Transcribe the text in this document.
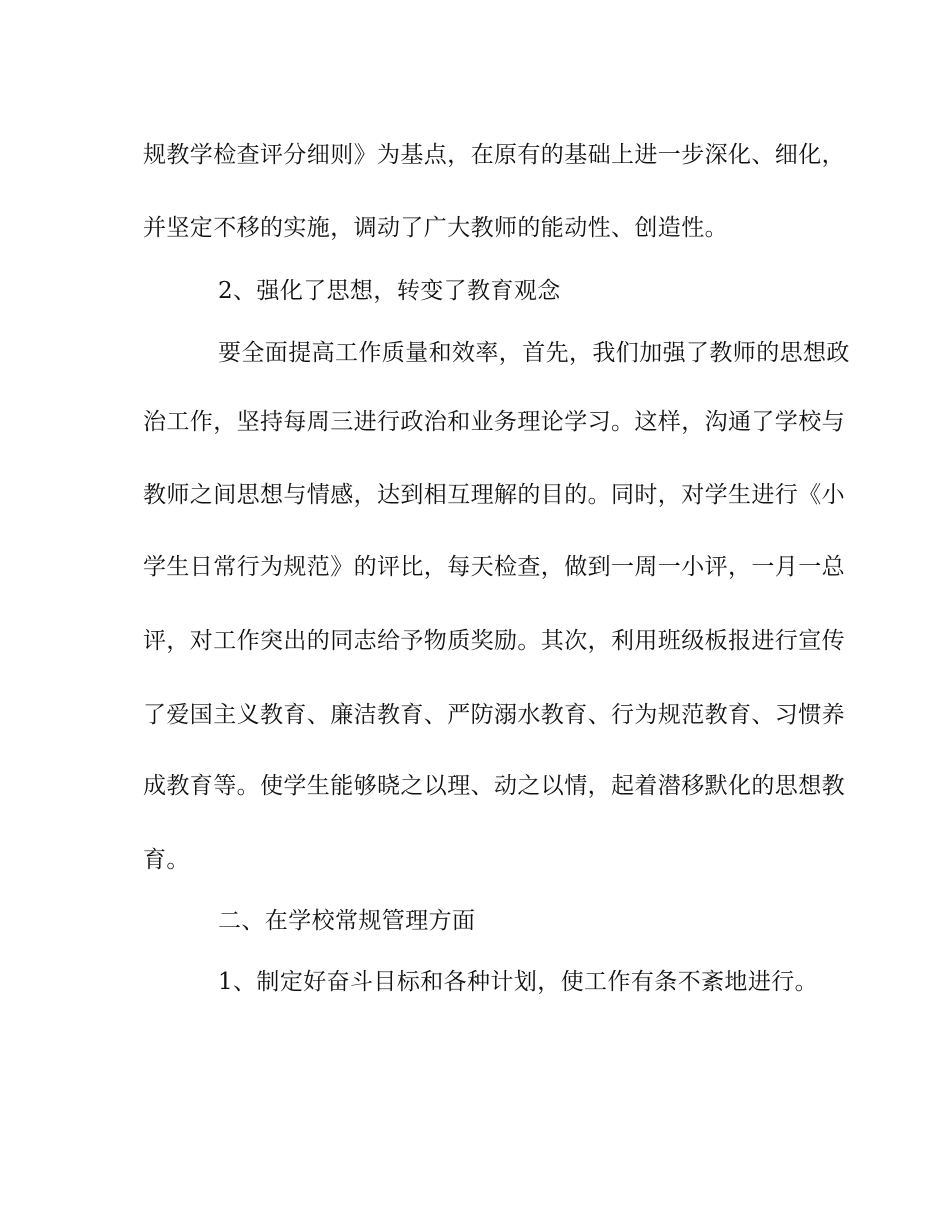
规教学检查评分细则》为基点，在原有的基础上进一步深化、细化，

并坚定不移的实施，调动了广大教师的能动性、创造性。

2、强化了思想，转变了教育观念

要全面提高工作质量和效率，首先，我们加强了教师的思想政

治工作，坚持每周三进行政治和业务理论学习。这样，沟通了学校与

教师之间思想与情感，达到相互理解的目的。同时，对学生进行《小

学生日常行为规范》的评比，每天检查，做到一周一小评，一月一总

评，对工作突出的同志给予物质奖励。其次，利用班级板报进行宣传

了爱国主义教育、廉洁教育、严防溺水教育、行为规范教育、习惯养

成教育等。使学生能够晓之以理、动之以情，起着潜移默化的思想教

育。

二、在学校常规管理方面

1、制定好奋斗目标和各种计划，使工作有条不紊地进行。
